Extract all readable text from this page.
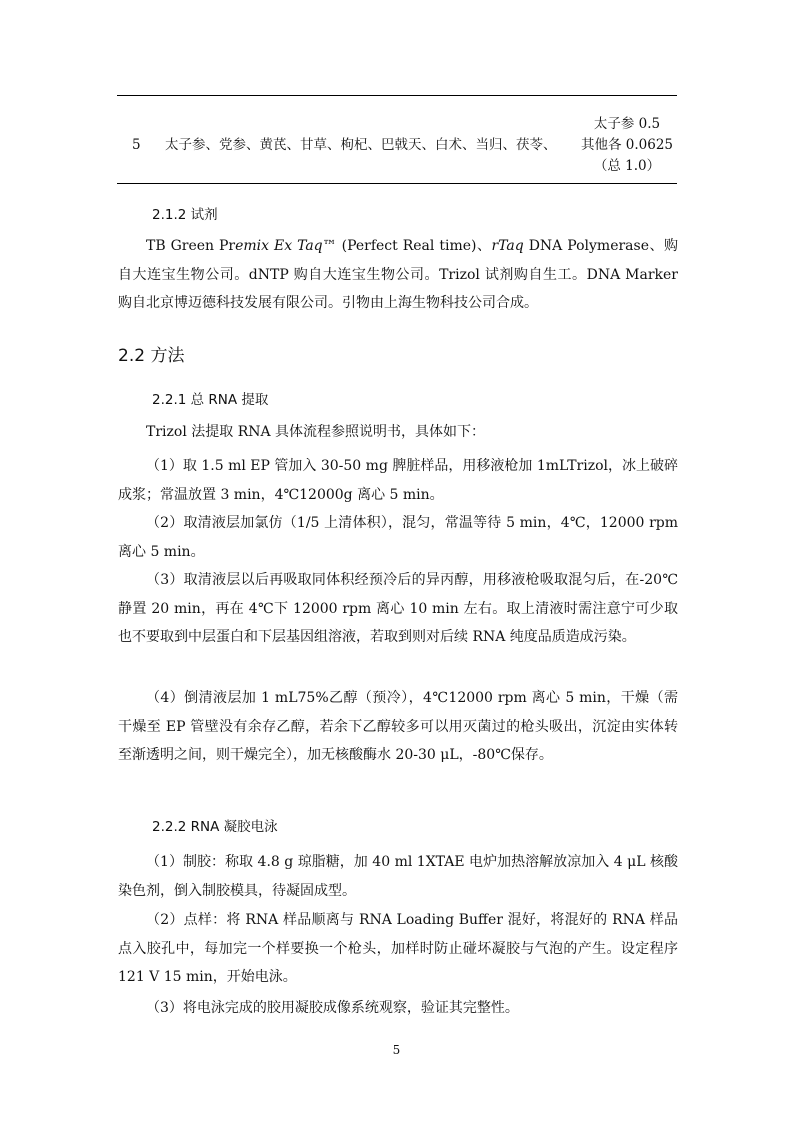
5 太子参、党参、黄芪、甘草、枸杞、巴戟天、白术、当归、茯苓、
太子参 0.5
其他各 0.0625
（总 1.0）
2.1.2 试剂

TB Green Premix Ex Taq™ (Perfect Real time)、rTaq DNA Polymerase、购自大连宝生物公司。dNTP 购自大连宝生物公司。Trizol 试剂购自生工。DNA Marker 购自北京博迈德科技发展有限公司。引物由上海生物科技公司合成。

2.2 方法
2.2.1 总 RNA 提取

Trizol 法提取 RNA 具体流程参照说明书，具体如下：

（1）取 1.5 ml EP 管加入 30-50 mg 脾脏样品，用移液枪加 1mLTrizol，冰上破碎成浆；常温放置 3 min，4℃12000g 离心 5 min。

（2）取清液层加氯仿（1/5 上清体积），混匀，常温等待 5 min，4℃，12000 rpm 离心 5 min。

（3）取清液层以后再吸取同体积经预冷后的异丙醇，用移液枪吸取混匀后，在-20℃静置 20 min，再在 4℃下 12000 rpm 离心 10 min 左右。取上清液时需注意宁可少取也不要取到中层蛋白和下层基因组溶液，若取到则对后续 RNA 纯度品质造成污染。

（4）倒清液层加 1 mL75%乙醇（预冷），4℃12000 rpm 离心 5 min，干燥（需干燥至 EP 管壁没有余存乙醇，若余下乙醇较多可以用灭菌过的枪头吸出，沉淀由实体转至渐透明之间，则干燥完全），加无核酸酶水 20-30 μL，-80℃保存。

2.2.2 RNA 凝胶电泳

（1）制胶：称取 4.8 g 琼脂糖，加 40 ml 1XTAE 电炉加热溶解放凉加入 4 μL 核酸染色剂，倒入制胶模具，待凝固成型。

（2）点样：将 RNA 样品顺离与 RNA Loading Buffer 混好，将混好的 RNA 样品点入胶孔中，每加完一个样要换一个枪头，加样时防止碰坏凝胶与气泡的产生。设定程序 121 V 15 min，开始电泳。

（3）将电泳完成的胶用凝胶成像系统观察，验证其完整性。

5
